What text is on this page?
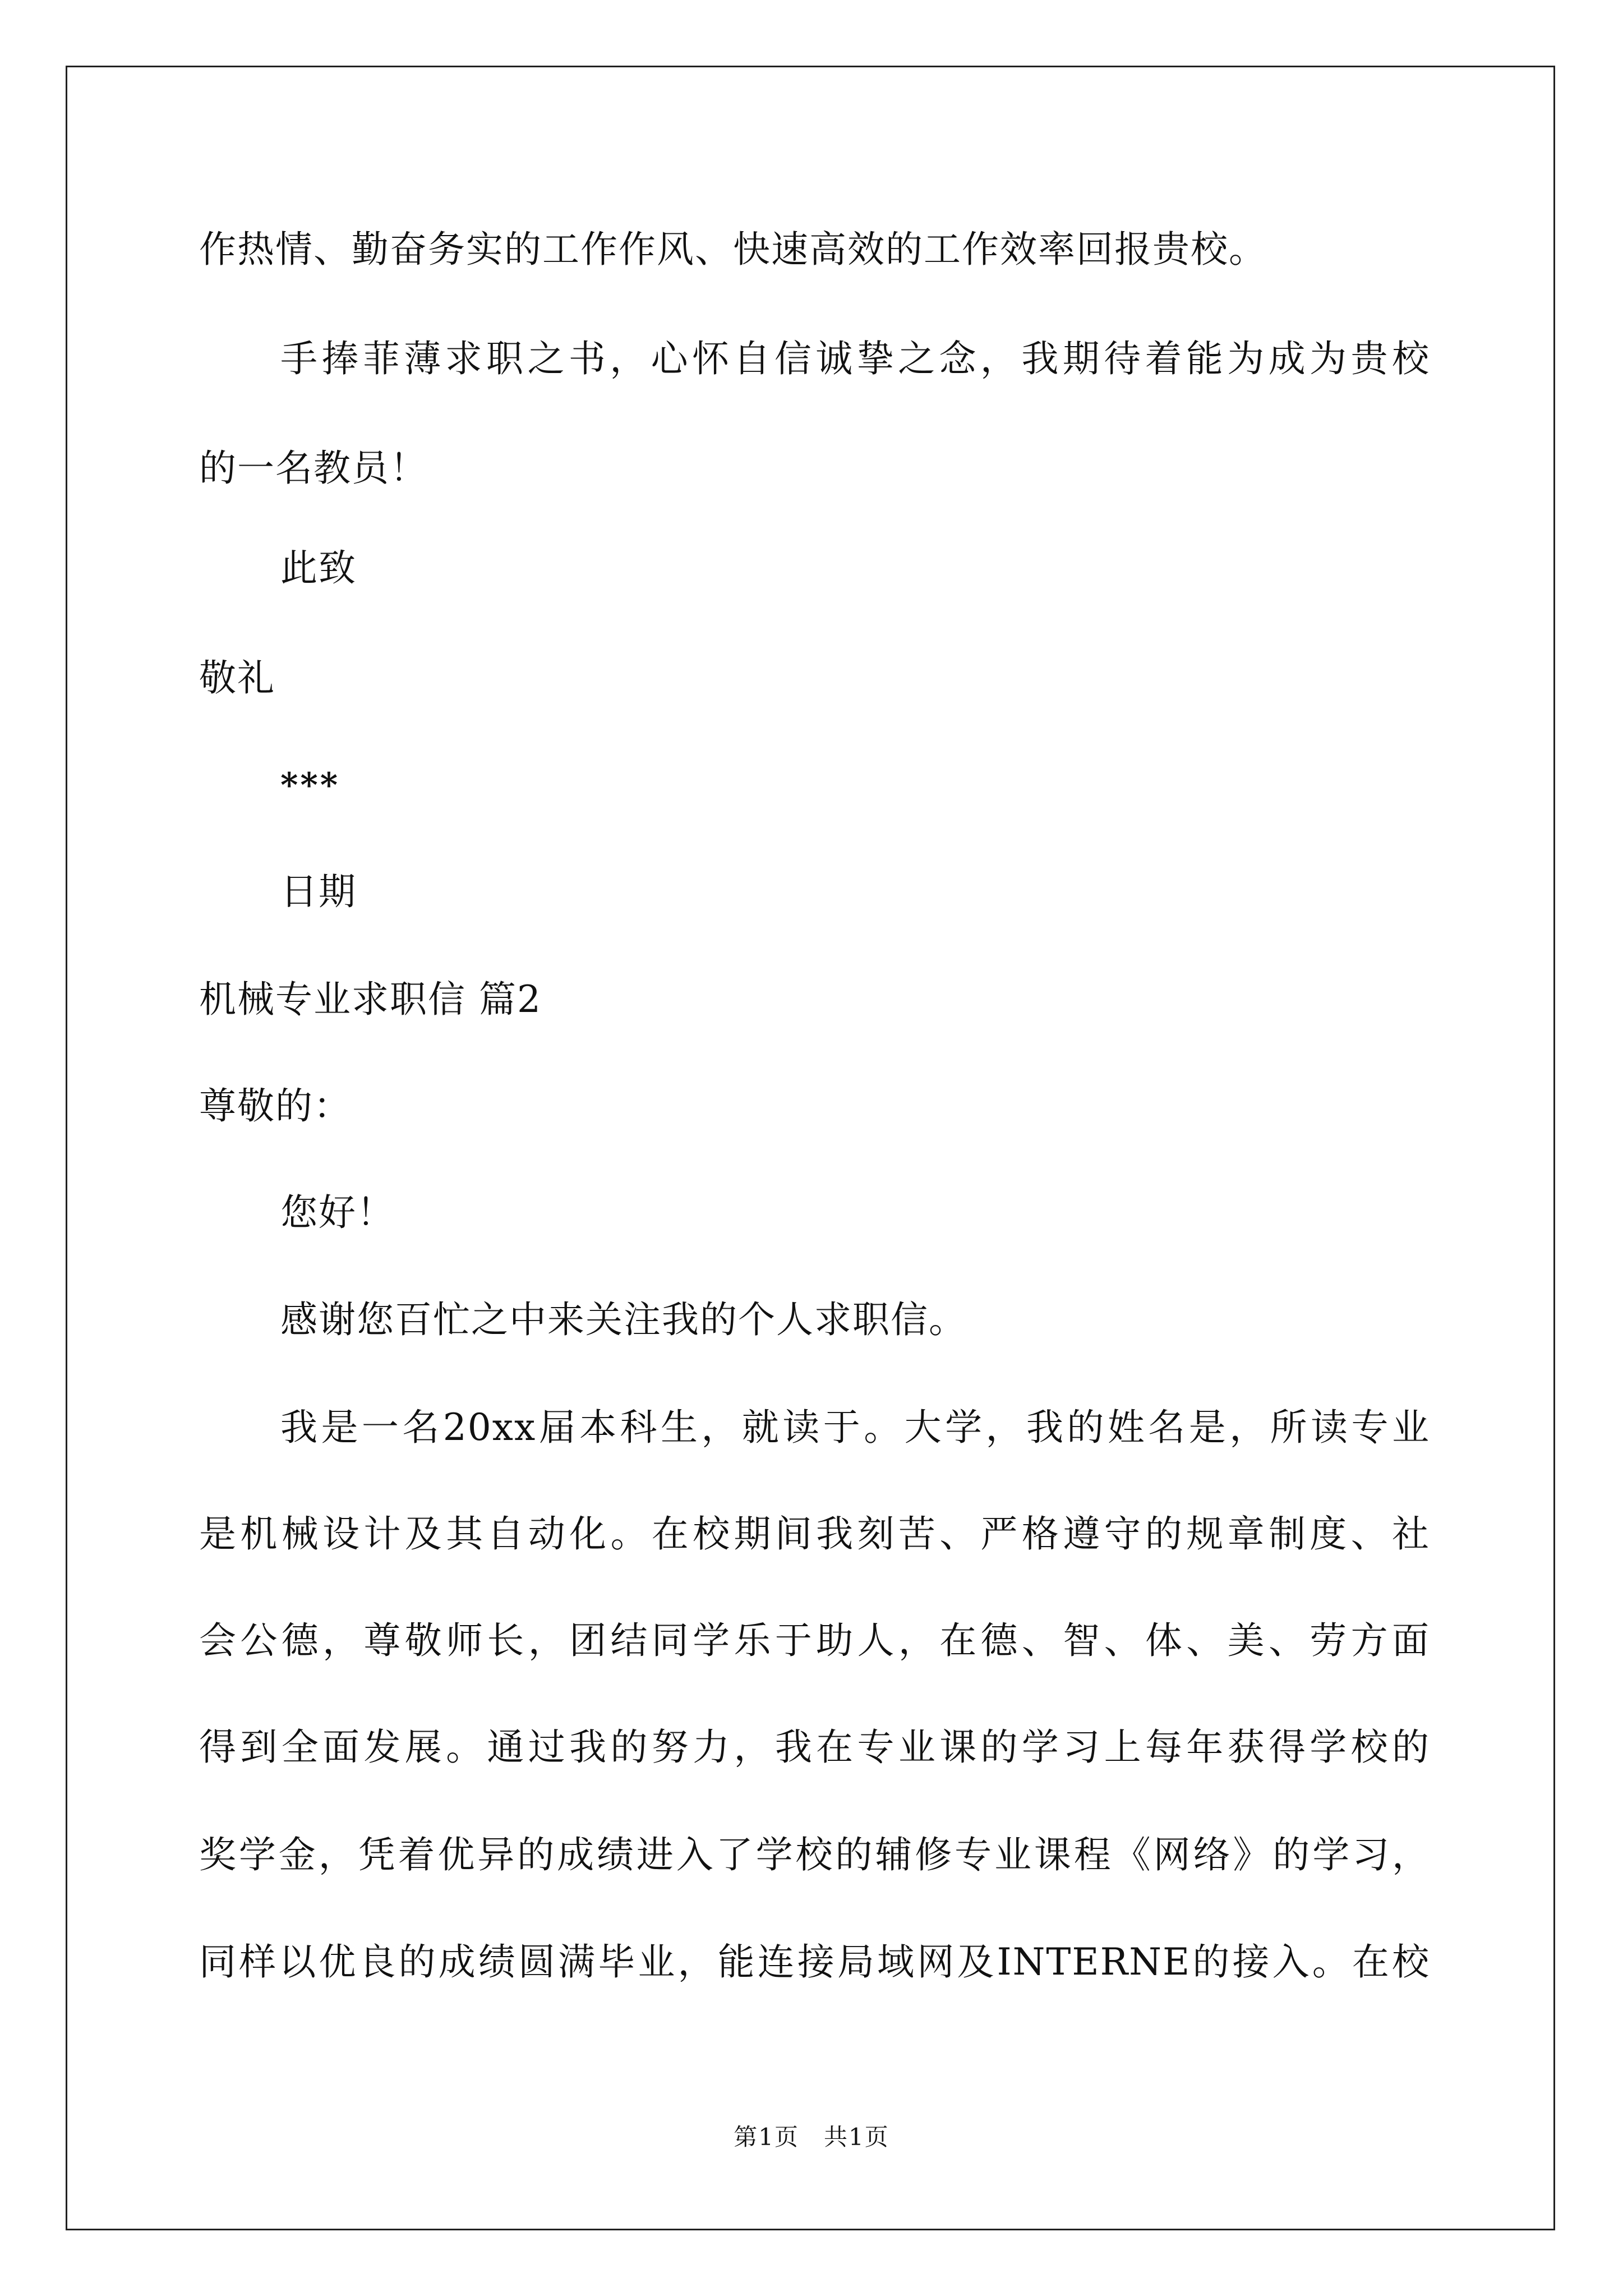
作热情、勤奋务实的工作作风、快速高效的工作效率回报贵校。
手捧菲薄求职之书，心怀自信诚挚之念，我期待着能为成为贵校
的一名教员！
此致
敬礼
***
日期
机械专业求职信 篇2
尊敬的：
您好！
感谢您百忙之中来关注我的个人求职信。
我是一名20xx届本科生，就读于。大学，我的姓名是，所读专业
是机械设计及其自动化。在校期间我刻苦、严格遵守的规章制度、社
会公德，尊敬师长，团结同学乐于助人，在德、智、体、美、劳方面
得到全面发展。通过我的努力，我在专业课的学习上每年获得学校的
奖学金，凭着优异的成绩进入了学校的辅修专业课程《网络》的学习，
同样以优良的成绩圆满毕业，能连接局域网及INTERNE的接入。在校
第1页　共1页
